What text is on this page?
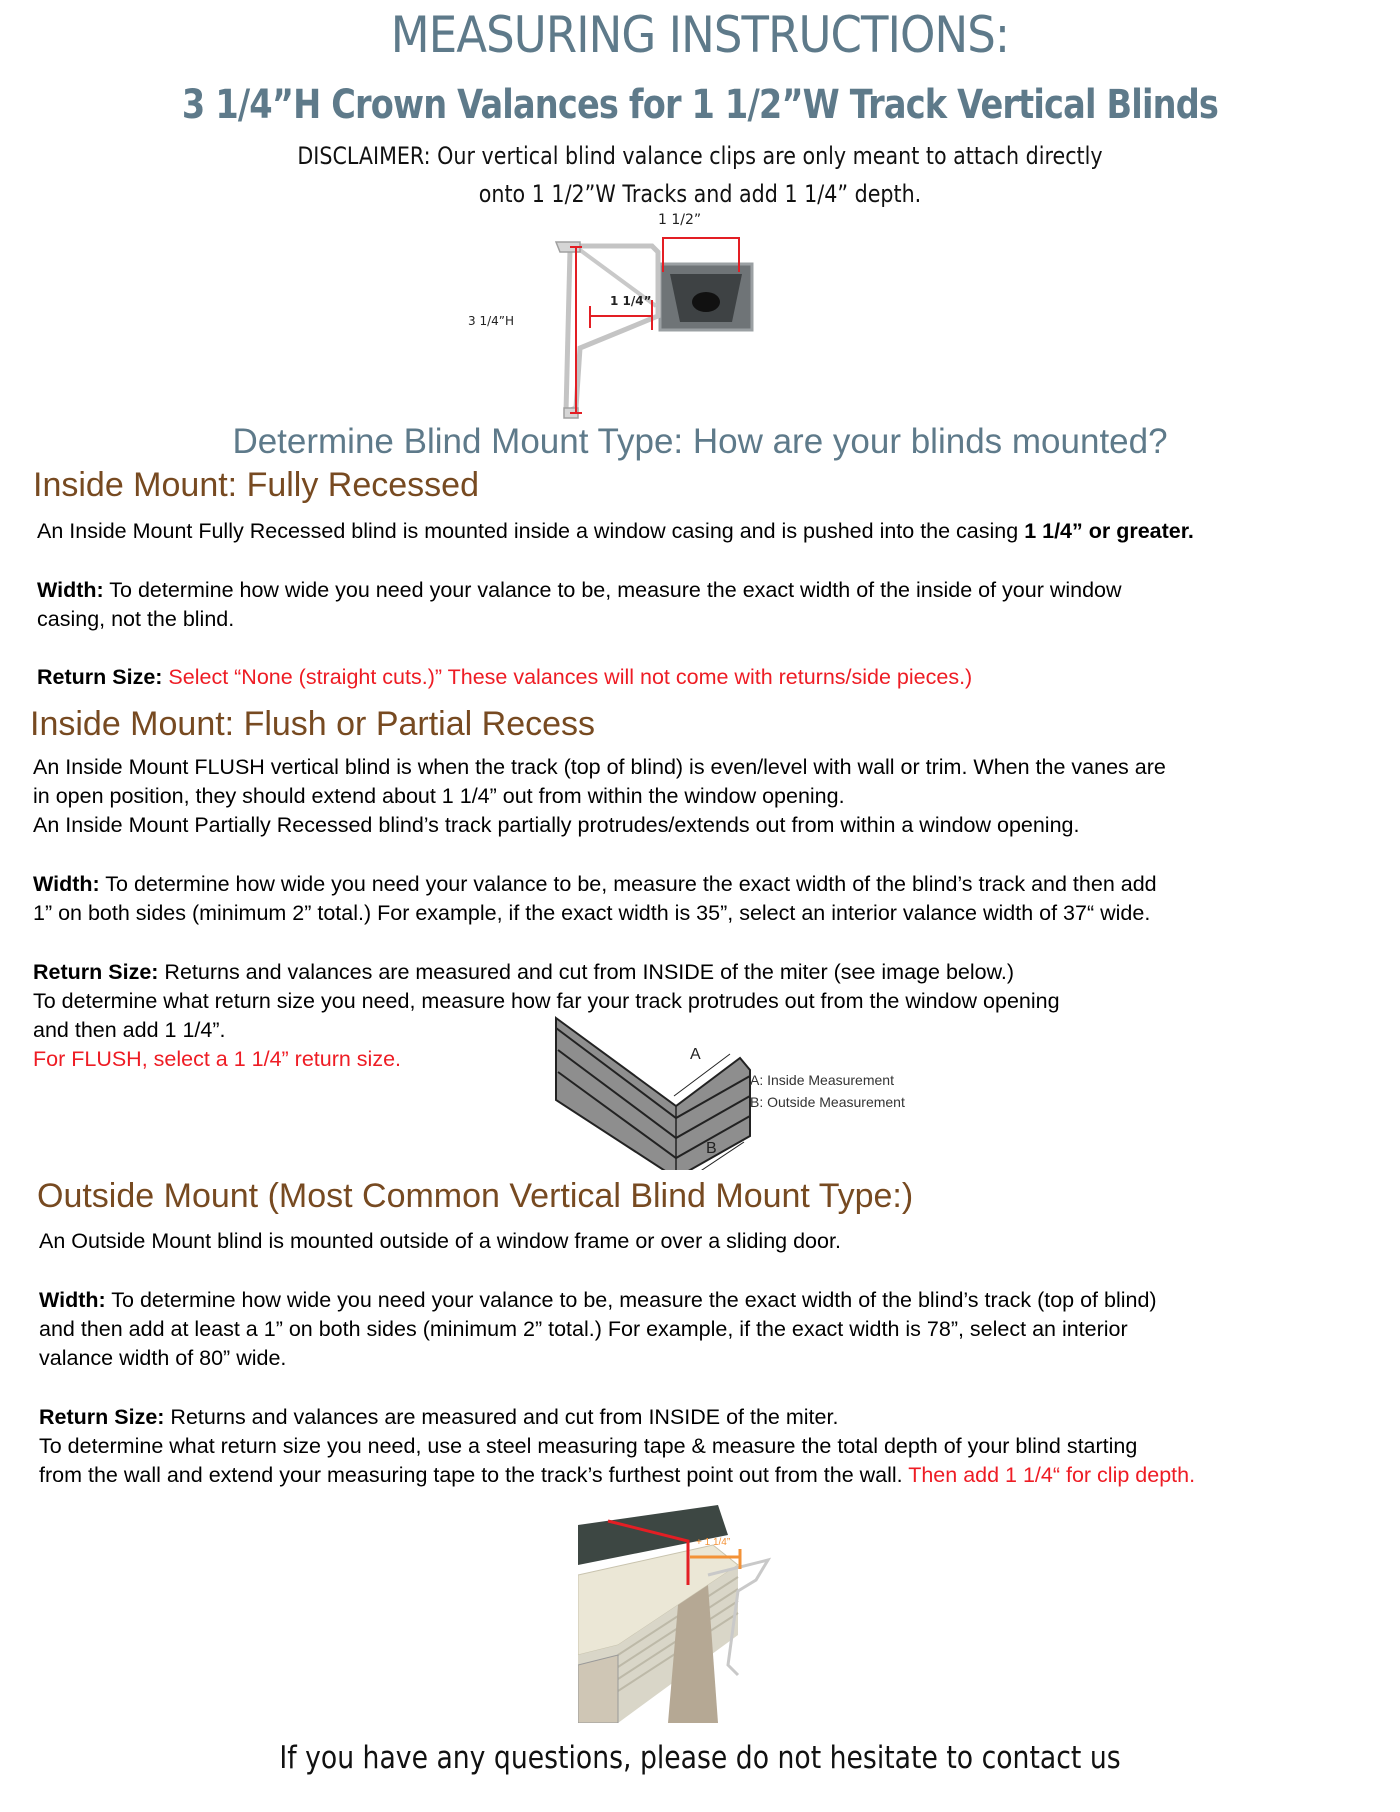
MEASURING INSTRUCTIONS:
3 1/4”H Crown Valances for 1 1/2”W Track Vertical Blinds
DISCLAIMER: Our vertical blind valance clips are only meant to attach directly
onto 1 1/2”W Tracks and add 1 1/4” depth.
1 1/2”
1 1/4”
3 1/4”H
Determine Blind Mount Type: How are your blinds mounted?
Inside Mount: Fully Recessed
An Inside Mount Fully Recessed blind is mounted inside a window casing and is pushed into the casing 1 1/4” or greater.
Width: To determine how wide you need your valance to be, measure the exact width of the inside of your window
casing, not the blind.
Return Size: Select “None (straight cuts.)” These valances will not come with returns/side pieces.)
Inside Mount: Flush or Partial Recess
An Inside Mount FLUSH vertical blind is when the track (top of blind) is even/level with wall or trim. When the vanes are
in open position, they should extend about 1 1/4” out from within the window opening.
An Inside Mount Partially Recessed blind’s track partially protrudes/extends out from within a window opening.
Width: To determine how wide you need your valance to be, measure the exact width of the blind’s track and then add
1” on both sides (minimum 2” total.) For example, if the exact width is 35”, select an interior valance width of 37“ wide.
Return Size: Returns and valances are measured and cut from INSIDE of the miter (see image below.)
To determine what return size you need, measure how far your track protrudes out from the window opening
and then add 1 1/4”.
For FLUSH, select a 1 1/4” return size.	A
B
A: Inside Measurement
B: Outside Measurement
Outside Mount (Most Common Vertical Blind Mount Type:)
An Outside Mount blind is mounted outside of a window frame or over a sliding door.
Width: To determine how wide you need your valance to be, measure the exact width of the blind’s track (top of blind)
and then add at least a 1” on both sides (minimum 2” total.) For example, if the exact width is 78”, select an interior
valance width of 80” wide.
Return Size: Returns and valances are measured and cut from INSIDE of the miter.
To determine what return size you need, use a steel measuring tape & measure the total depth of your blind starting
from the wall and extend your measuring tape to the track’s furthest point out from the wall. Then add 1 1/4“ for clip depth.
+ 1 1/4”
If you have any questions, please do not hesitate to contact us
